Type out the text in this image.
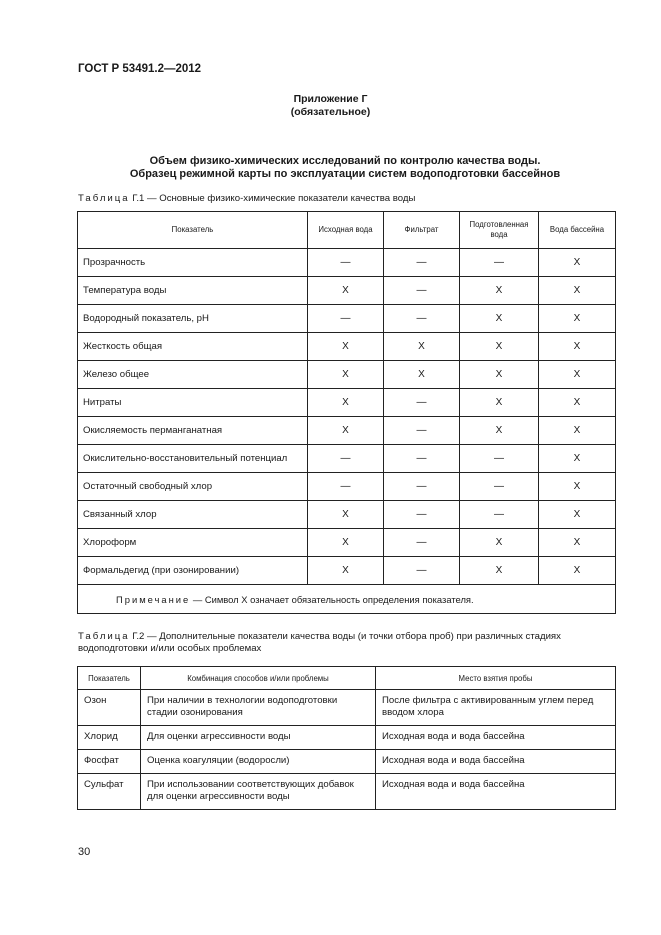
ГОСТ Р 53491.2—2012
Приложение Г
(обязательное)
Объем физико-химических исследований по контролю качества воды.
Образец режимной карты по эксплуатации систем водоподготовки бассейнов
Таблица Г.1 — Основные физико-химические показатели качества воды
Показатель	Исходная вода	Фильтрат	Подготовленная вода	Вода бассейна
Прозрачность	—	—	—	X
Температура воды	X	—	X	X
Водородный показатель, pH	—	—	X	X
Жесткость общая	X	X	X	X
Железо общее	X	X	X	X
Нитраты	X	—	X	X
Окисляемость перманганатная	X	—	X	X
Окислительно-восстановительный потенциал	—	—	—	X
Остаточный свободный хлор	—	—	—	X
Связанный хлор	X	—	—	X
Хлороформ	X	—	X	X
Формальдегид (при озонировании)	X	—	X	X
Примечание — Символ X означает обязательность определения показателя.				
Таблица Г.2 — Дополнительные показатели качества воды (и точки отбора проб) при различных стадиях водоподготовки и/или особых проблемах
Показатель	Комбинация способов и/или проблемы	Место взятия пробы
Озон	При наличии в технологии водоподготовки стадии озонирования	После фильтра с активированным углем перед вводом хлора
Хлорид	Для оценки агрессивности воды	Исходная вода и вода бассейна
Фосфат	Оценка коагуляции (водоросли)	Исходная вода и вода бассейна
Сульфат	При использовании соответствующих добавок для оценки агрессивности воды	Исходная вода и вода бассейна
30
